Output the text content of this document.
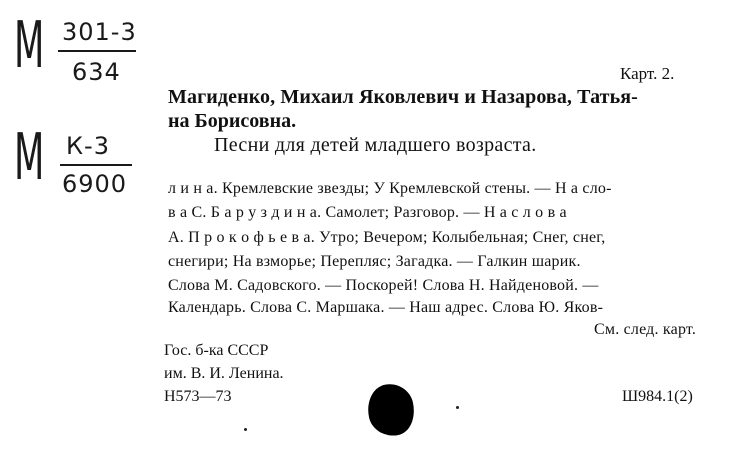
М 301-3
634
М К-3
6900
Карт. 2.
Магиденко, Михаил Яковлевич и Назарова, Татья-
на Борисовна.
Песни для детей младшего возраста.
л и н а. Кремлевские звезды; У Кремлевской стены. — Н а сло-
в а С. Б а р у з д и н а. Самолет; Разговор. — Н а с л о в а
А. П р о к о ф ь е в а. Утро; Вечером; Колыбельная; Снег, снег,
снегири; На взморье; Перепляс; Загадка. — Галкин шарик.
Слова М. Садовского. — Поскорей! Слова Н. Найденовой. —
Календарь. Слова С. Маршака. — Наш адрес. Слова Ю. Яков-
См. след. карт.
Гос. б-ка СССР
им. В. И. Ленина.
Н573—73	Ш984.1(2)
